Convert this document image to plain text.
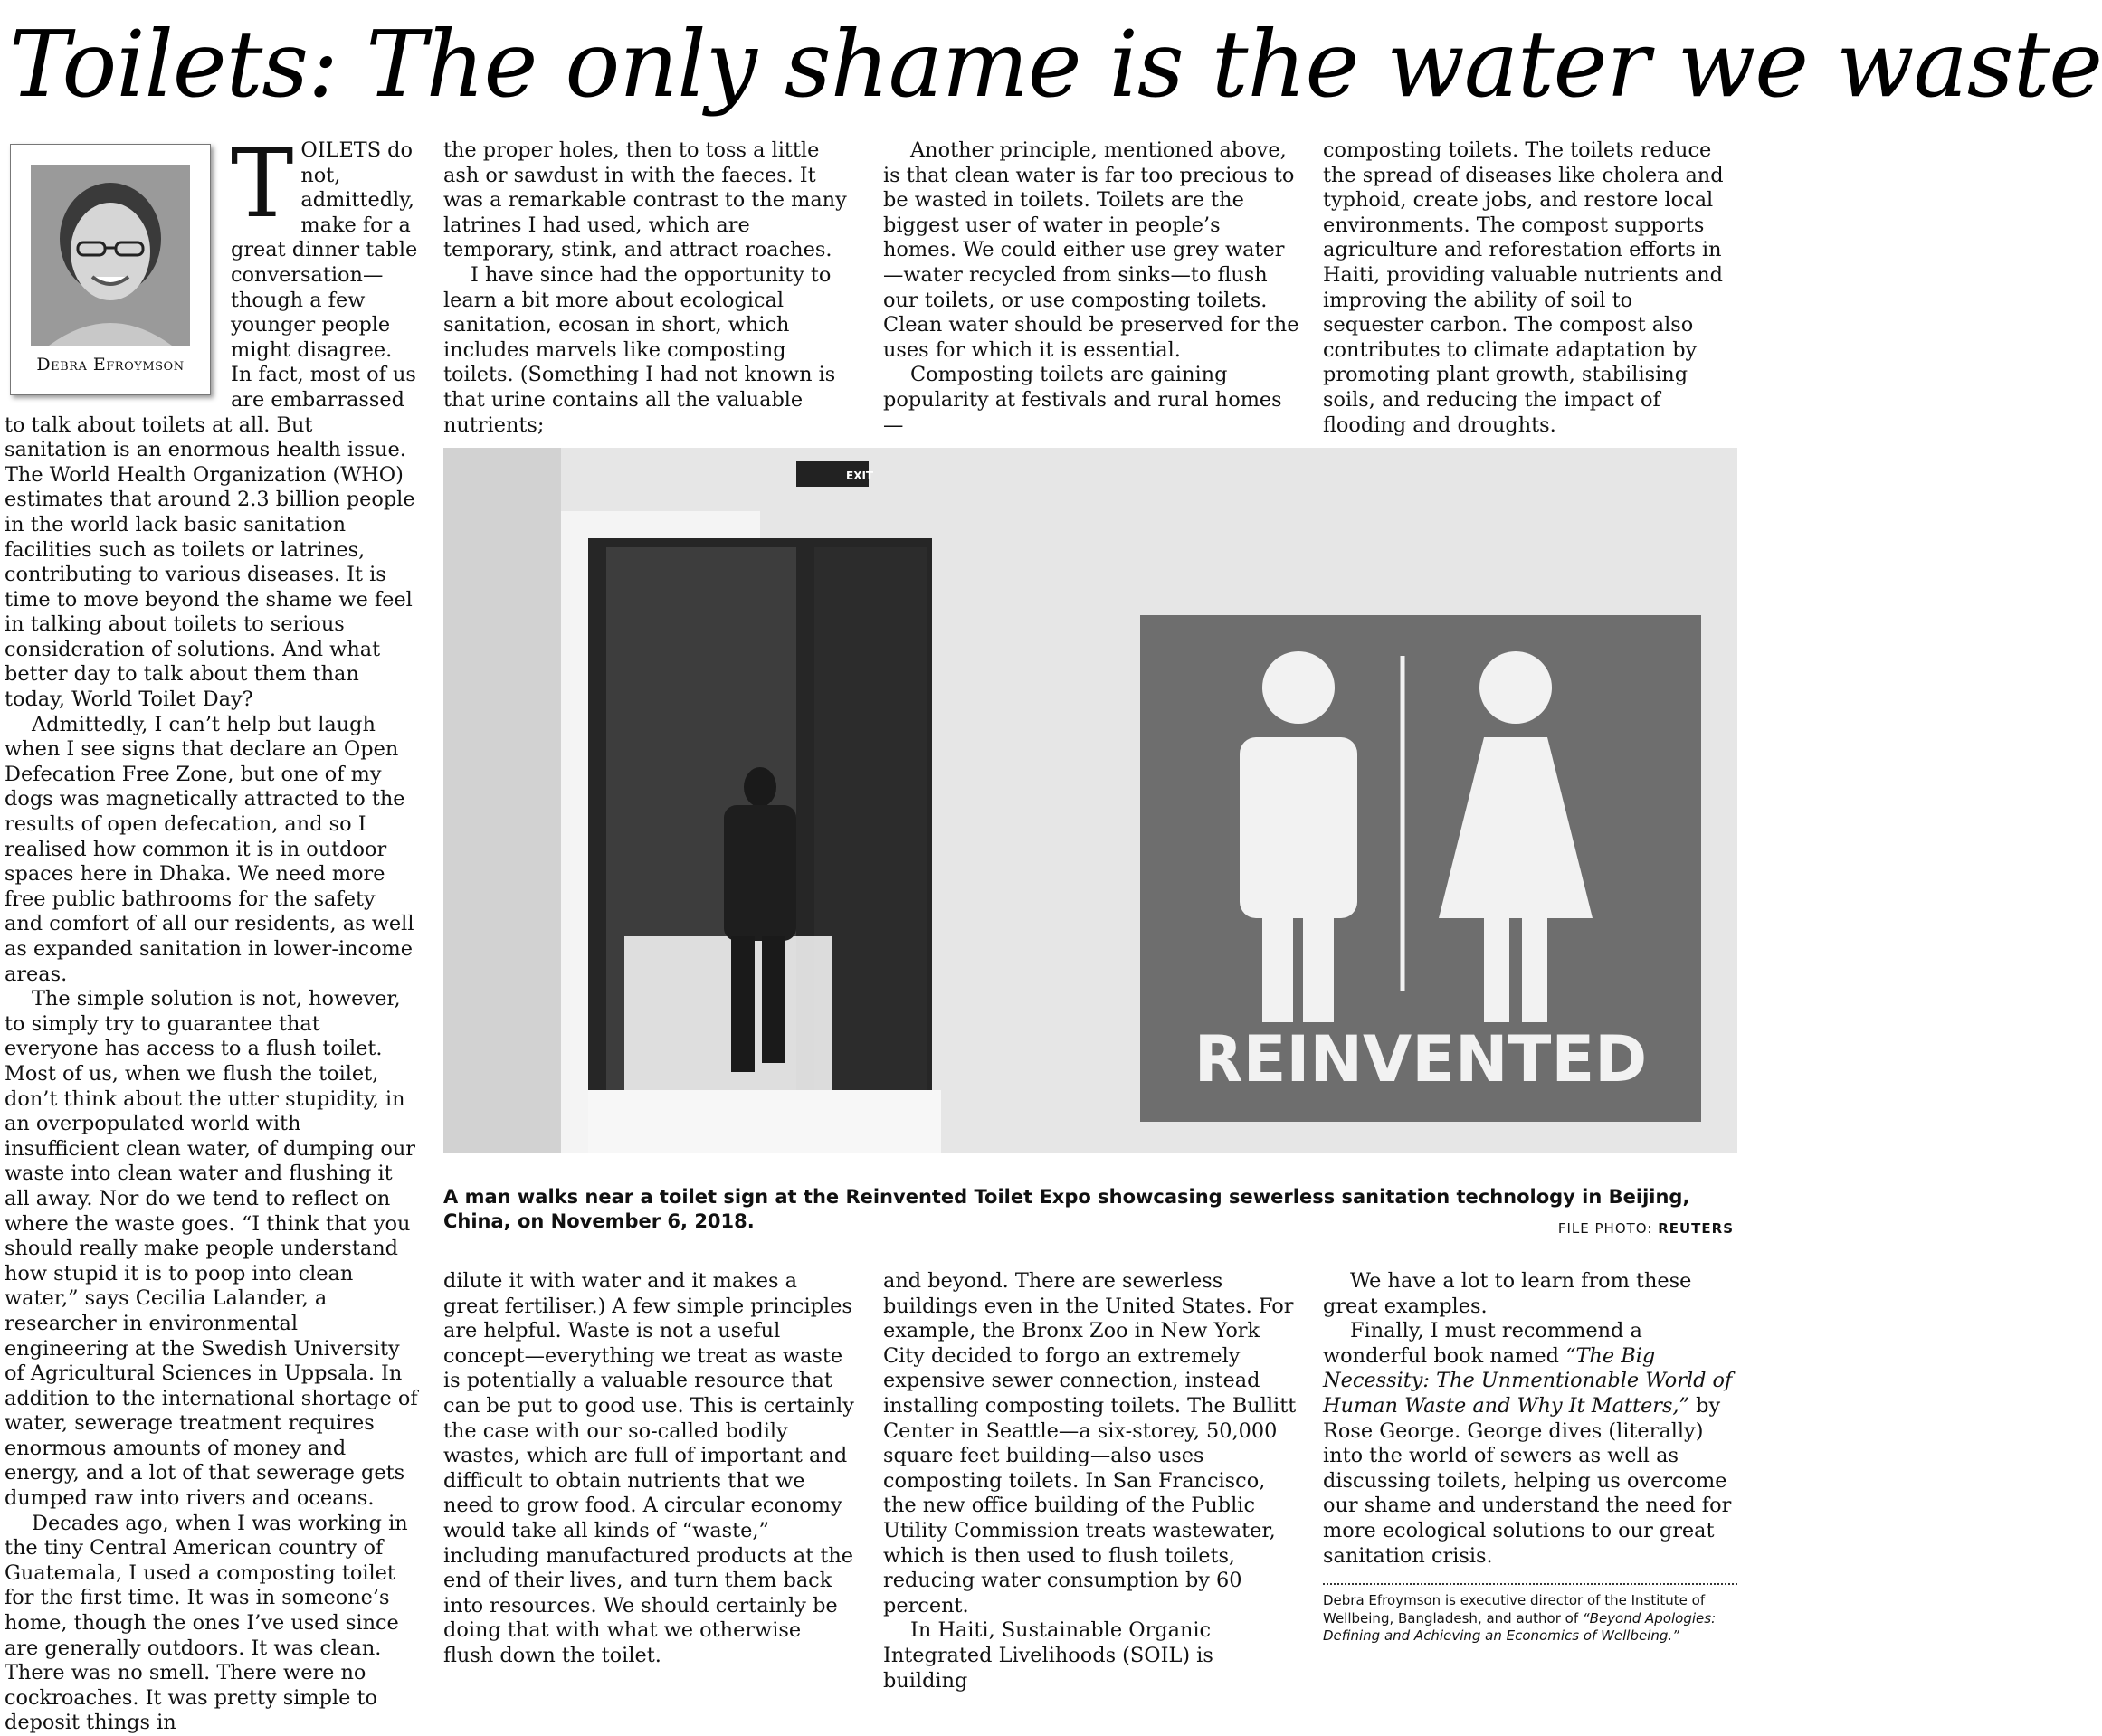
Toilets: The only shame is the water we waste
Debra Efroymson

TOILETS do not, admittedly, make for a great dinner table conversation—though a few younger people might disagree. In fact, most of us are embarrassed to talk about toilets at all. But sanitation is an enormous health issue. The World Health Organization (WHO) estimates that around 2.3 billion people in the world lack basic sanitation facilities such as toilets or latrines, contributing to various diseases. It is time to move beyond the shame we feel in talking about toilets to serious consideration of solutions. And what better day to talk about them than today, World Toilet Day?

Admittedly, I can’t help but laugh when I see signs that declare an Open Defecation Free Zone, but one of my dogs was magnetically attracted to the results of open defecation, and so I realised how common it is in outdoor spaces here in Dhaka. We need more free public bathrooms for the safety and comfort of all our residents, as well as expanded sanitation in lower-income areas.

The simple solution is not, however, to simply try to guarantee that everyone has access to a flush toilet. Most of us, when we flush the toilet, don’t think about the utter stupidity, in an overpopulated world with insufficient clean water, of dumping our waste into clean water and flushing it all away. Nor do we tend to reflect on where the waste goes. “I think that you should really make people understand how stupid it is to poop into clean water,” says Cecilia Lalander, a researcher in environmental engineering at the Swedish University of Agricultural Sciences in Uppsala. In addition to the international shortage of water, sewerage treatment requires enormous amounts of money and energy, and a lot of that sewerage gets dumped raw into rivers and oceans.

Decades ago, when I was working in the tiny Central American country of Guatemala, I used a composting toilet for the first time. It was in someone’s home, though the ones I’ve used since are generally outdoors. It was clean. There was no smell. There were no cockroaches. It was pretty simple to deposit things in

the proper holes, then to toss a little ash or sawdust in with the faeces. It was a remarkable contrast to the many latrines I had used, which are temporary, stink, and attract roaches.

I have since had the opportunity to learn a bit more about ecological sanitation, ecosan in short, which includes marvels like composting toilets. (Something I had not known is that urine contains all the valuable nutrients;

Another principle, mentioned above, is that clean water is far too precious to be wasted in toilets. Toilets are the biggest user of water in people’s homes. We could either use grey water—water recycled from sinks—to flush our toilets, or use composting toilets. Clean water should be preserved for the uses for which it is essential.

Composting toilets are gaining popularity at festivals and rural homes—

composting toilets. The toilets reduce the spread of diseases like cholera and typhoid, create jobs, and restore local environments. The compost supports agriculture and reforestation efforts in Haiti, providing valuable nutrients and improving the ability of soil to sequester carbon. The compost also contributes to climate adaptation by promoting plant growth, stabilising soils, and reducing the impact of flooding and droughts.

EXIT
REINVENTED

A man walks near a toilet sign at the Reinvented Toilet Expo showcasing sewerless sanitation technology in Beijing, China, on November 6, 2018.	FILE PHOTO: REUTERS

dilute it with water and it makes a great fertiliser.) A few simple principles are helpful. Waste is not a useful concept—everything we treat as waste is potentially a valuable resource that can be put to good use. This is certainly the case with our so-called bodily wastes, which are full of important and difficult to obtain nutrients that we need to grow food. A circular economy would take all kinds of “waste,” including manufactured products at the end of their lives, and turn them back into resources. We should certainly be doing that with what we otherwise flush down the toilet.

and beyond. There are sewerless buildings even in the United States. For example, the Bronx Zoo in New York City decided to forgo an extremely expensive sewer connection, instead installing composting toilets. The Bullitt Center in Seattle—a six-storey, 50,000 square feet building—also uses composting toilets. In San Francisco, the new office building of the Public Utility Commission treats wastewater, which is then used to flush toilets, reducing water consumption by 60 percent.

In Haiti, Sustainable Organic Integrated Livelihoods (SOIL) is building

We have a lot to learn from these great examples.

Finally, I must recommend a wonderful book named “The Big Necessity: The Unmentionable World of Human Waste and Why It Matters,” by Rose George. George dives (literally) into the world of sewers as well as discussing toilets, helping us overcome our shame and understand the need for more ecological solutions to our great sanitation crisis.

Debra Efroymson is executive director of the Institute of Wellbeing, Bangladesh, and author of “Beyond Apologies: Defining and Achieving an Economics of Wellbeing.”
